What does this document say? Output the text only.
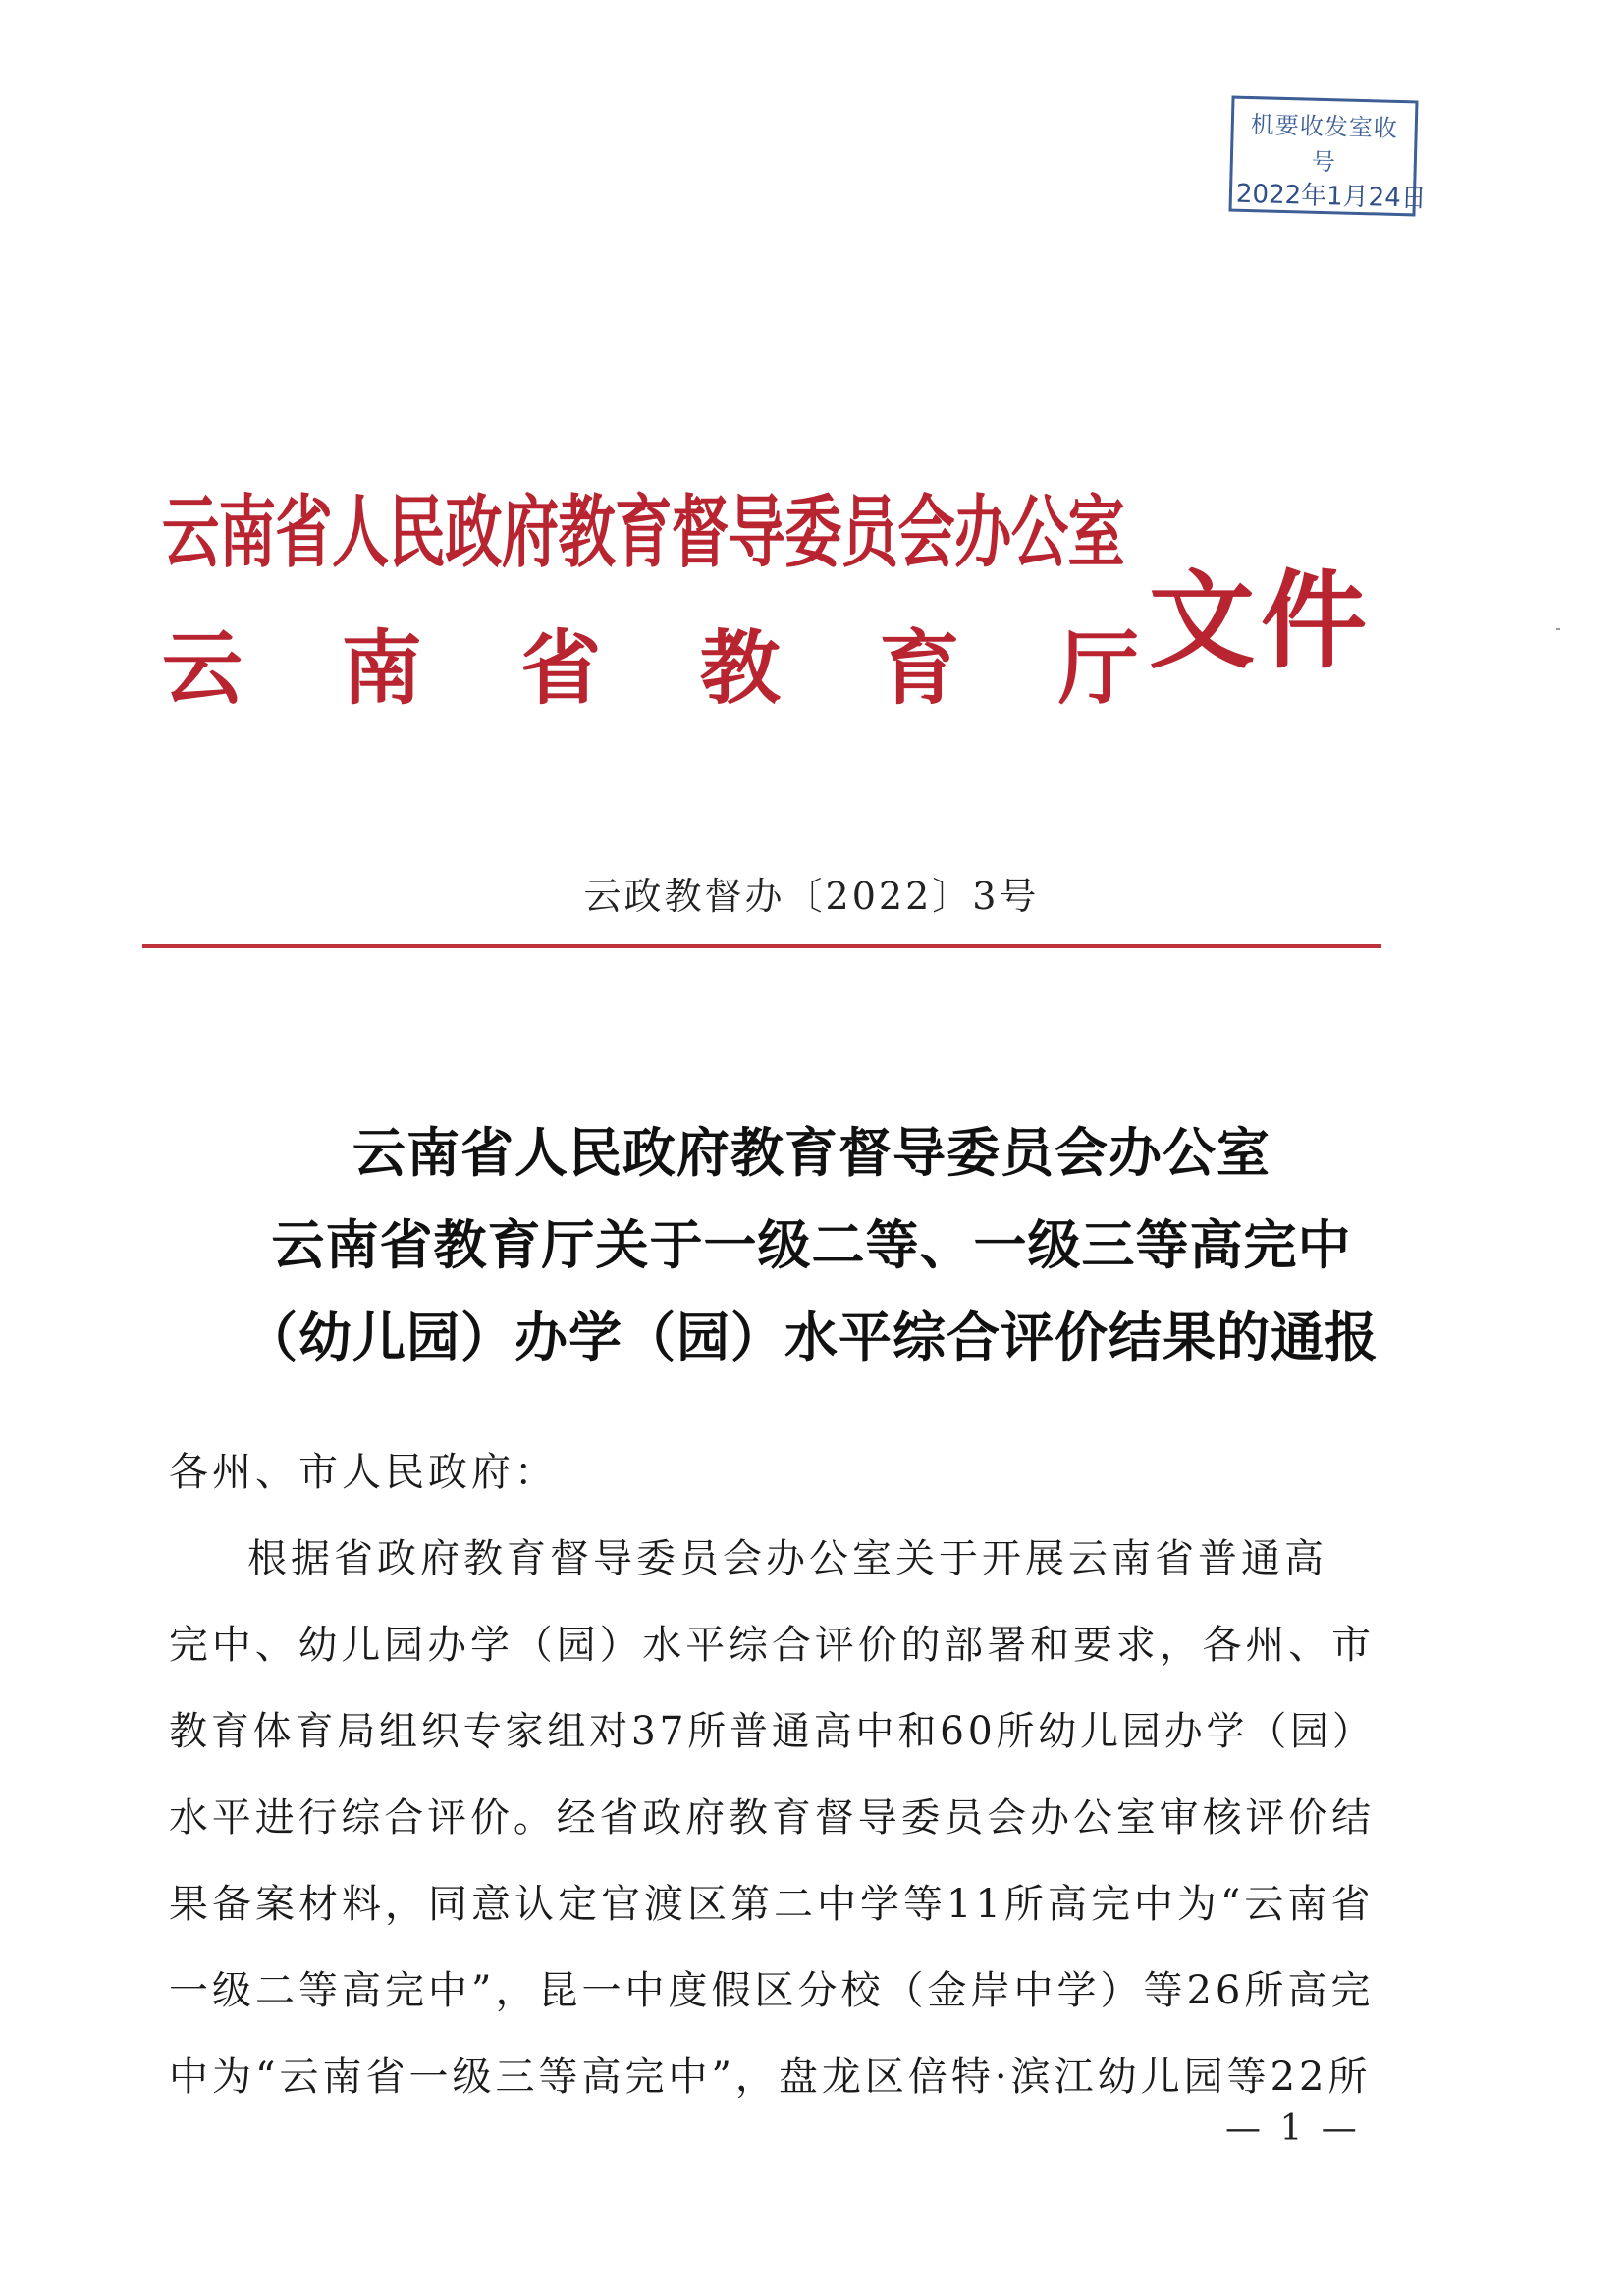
机要收发室收
号
2022年1月24日
云南省人民政府教育督导委员会办公室
云 南 省 教 育 厅 文件
云政教督办〔2022〕3号
云南省人民政府教育督导委员会办公室
云南省教育厅关于一级二等、一级三等高完中
（幼儿园）办学（园）水平综合评价结果的通报
各州、市人民政府：
根据省政府教育督导委员会办公室关于开展云南省普通高
完中、幼儿园办学（园）水平综合评价的部署和要求，各州、市
教育体育局组织专家组对37所普通高中和60所幼儿园办学（园）
水平进行综合评价。经省政府教育督导委员会办公室审核评价结
果备案材料，同意认定官渡区第二中学等11所高完中为“云南省
一级二等高完中”，昆一中度假区分校（金岸中学）等26所高完
中为“云南省一级三等高完中”，盘龙区倍特·滨江幼儿园等22所
— 1 —
